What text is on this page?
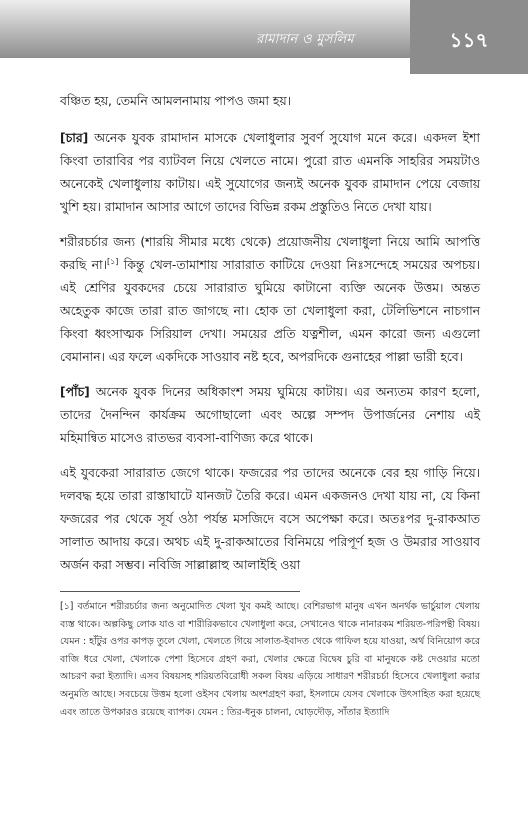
রামাদান ও মুসলিম	১১৭

বঞ্চিত হয়, তেমনি আমলনামায় পাপও জমা হয়।

[চার] অনেক যুবক রামাদান মাসকে খেলাধুলার সুবর্ণ সুযোগ মনে করে। একদল ইশা কিংবা তারাবির পর ব্যাটবল নিয়ে খেলতে নামে। পুরো রাত এমনকি সাহরির সময়টাও অনেকেই খেলাধুলায় কাটায়। এই সুযোগের জন্যই অনেক যুবক রামাদান পেয়ে বেজায় খুশি হয়। রামাদান আসার আগে তাদের বিভিন্ন রকম প্রস্তুতিও নিতে দেখা যায়।

শরীরচর্চার জন্য (শারয়ি সীমার মধ্যে থেকে) প্রয়োজনীয় খেলাধুলা নিয়ে আমি আপত্তি করছি না।[১] কিন্তু খেল-তামাশায় সারারাত কাটিয়ে দেওয়া নিঃসন্দেহে সময়ের অপচয়। এই শ্রেণির যুবকদের চেয়ে সারারাত ঘুমিয়ে কাটানো ব্যক্তি অনেক উত্তম। অন্তত অহেতুক কাজে তারা রাত জাগছে না। হোক তা খেলাধুলা করা, টেলিভিশনে নাচগান কিংবা ধ্বংসাত্মক সিরিয়াল দেখা। সময়ের প্রতি যত্নশীল, এমন কারো জন্য এগুলো বেমানান। এর ফলে একদিকে সাওয়াব নষ্ট হবে, অপরদিকে গুনাহের পাল্লা ভারী হবে।

[পাঁচ] অনেক যুবক দিনের অধিকাংশ সময় ঘুমিয়ে কাটায়। এর অন্যতম কারণ হলো, তাদের দৈনন্দিন কার্যক্রম অগোছালো এবং অল্পে সম্পদ উপার্জনের নেশায় এই মহিমান্বিত মাসেও রাতভর ব্যবসা-বাণিজ্য করে থাকে।

এই যুবকেরা সারারাত জেগে থাকে। ফজরের পর তাদের অনেকে বের হয় গাড়ি নিয়ে। দলবদ্ধ হয়ে তারা রাস্তাঘাটে যানজট তৈরি করে। এমন একজনও দেখা যায় না, যে কিনা ফজরের পর থেকে সূর্য ওঠা পর্যন্ত মসজিদে বসে অপেক্ষা করে। অতঃপর দু-রাকআত সালাত আদায় করে। অথচ এই দু-রাকআতের বিনিময়ে পরিপূর্ণ হজ ও উমরার সাওয়াব অর্জন করা সম্ভব। নবিজি সাল্লাল্লাহু আলাইহি ওয়া

[১] বর্তমানে শরীরচর্চার জন্য অনুমোদিত খেলা খুব কমই আছে। বেশিরভাগ মানুষ এখন অনর্থক ভার্চুয়াল খেলায় ব্যস্ত থাকে। অল্পকিছু লোক যাও বা শারীরিকভাবে খেলাধুলা করে, সেখানেও থাকে নানারকম শরিয়ত-পরিপন্থী বিষয়। যেমন : হাঁটুর ওপর কাপড় তুলে খেলা, খেলতে গিয়ে সালাত-ইবাদত থেকে গাফিল হয়ে যাওয়া, অর্থ বিনিয়োগ করে বাজি ধরে খেলা, খেলাকে পেশা হিসেবে গ্রহণ করা, খেলার ক্ষেত্রে বিদ্বেষ চুরি বা মানুষকে কষ্ট দেওয়ার মতো আচরণ করা ইত্যাদি। এসব বিষয়সহ শরিয়তবিরোধী সকল বিষয় এড়িয়ে সাধারণ শরীরচর্চা হিসেবে খেলাধুলা করার অনুমতি আছে। সবচেয়ে উত্তম হলো ওইসব খেলায় অংশগ্রহণ করা, ইসলামে যেসব খেলাকে উৎসাহিত করা হয়েছে এবং তাতে উপকারও রয়েছে ব্যাপক। যেমন : তির-ধনুক চালনা, ঘোড়দৌড়, সাঁতার ইত্যাদি
